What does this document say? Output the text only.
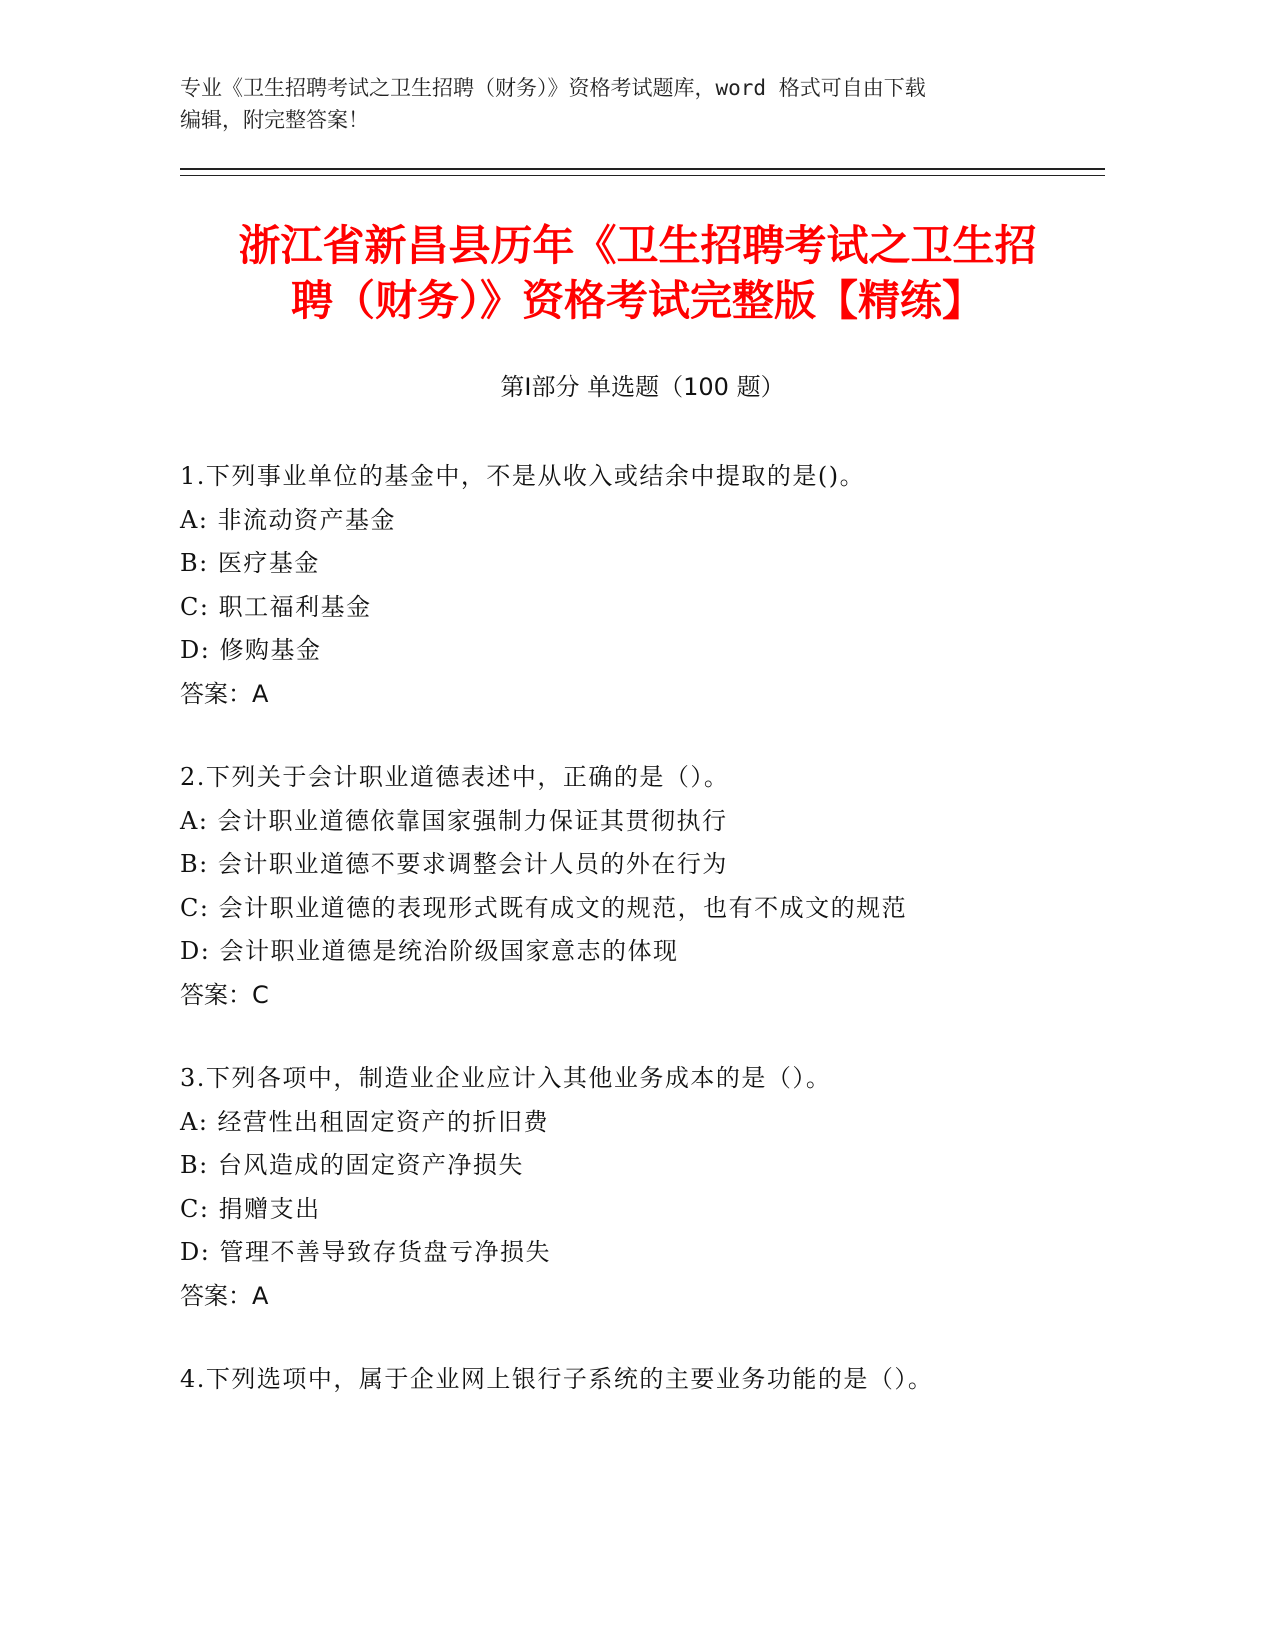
专业《卫生招聘考试之卫生招聘（财务）》资格考试题库，word 格式可自由下载
编辑，附完整答案！
浙江省新昌县历年《卫生招聘考试之卫生招
聘（财务）》资格考试完整版【精练】
第Ⅰ部分 单选题（100 题）
1.下列事业单位的基金中，不是从收入或结余中提取的是()。
A: 非流动资产基金
B: 医疗基金
C: 职工福利基金
D: 修购基金
答案：A
2.下列关于会计职业道德表述中，正确的是（）。
A: 会计职业道德依靠国家强制力保证其贯彻执行
B: 会计职业道德不要求调整会计人员的外在行为
C: 会计职业道德的表现形式既有成文的规范，也有不成文的规范
D: 会计职业道德是统治阶级国家意志的体现
答案：C
3.下列各项中，制造业企业应计入其他业务成本的是（）。
A: 经营性出租固定资产的折旧费
B: 台风造成的固定资产净损失
C: 捐赠支出
D: 管理不善导致存货盘亏净损失
答案：A
4.下列选项中，属于企业网上银行子系统的主要业务功能的是（）。
